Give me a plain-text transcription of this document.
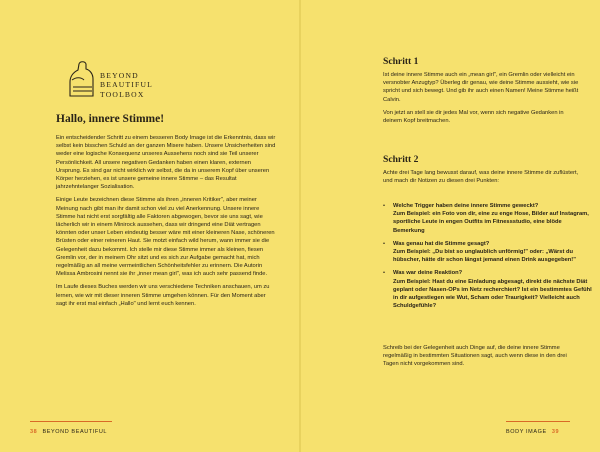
BEYOND
BEAUTIFUL
TOOLBOX
Hallo, innere Stimme!

Ein entscheidender Schritt zu einem besseren Body Image ist die Erkenntnis, dass wir selbst kein bisschen Schuld an der ganzen Misere haben. Unsere Unsicherheiten sind weder eine logische Konsequenz unseres Aussehens noch sind sie Teil unserer Persönlichkeit. All unsere negativen Gedanken haben einen klaren, externen Ursprung. Es sind gar nicht wirklich wir selbst, die da in unserem Kopf über unseren Körper herziehen, es ist unsere gemeine innere Stimme – das Resultat jahrzehntelanger Sozialisation.

Einige Leute bezeichnen diese Stimme als ihren „inneren Kritiker", aber meiner Meinung nach gibt man ihr damit schon viel zu viel Anerkennung. Unsere innere Stimme hat nicht erst sorgfältig alle Faktoren abgewogen, bevor sie uns sagt, wie lächerlich wir in einem Minirock aussehen, dass wir dringend eine Diät vertragen könnten oder unser Leben eindeutig besser wäre mit einer kleineren Nase, schöneren Brüsten oder einer reineren Haut. Sie motzt einfach wild herum, wann immer sie die Gelegenheit dazu bekommt. Ich stelle mir diese Stimme immer als kleinen, fiesen Gremlin vor, der in meinem Ohr sitzt und es sich zur Aufgabe gemacht hat, mich regelmäßig an all meine vermeintlichen Schönheitsfehler zu erinnern. Die Autorin Melissa Ambrosini nennt sie ihr „inner mean girl", was ich auch sehr passend finde.

Im Laufe dieses Buches werden wir uns verschiedene Techniken anschauen, um zu lernen, wie wir mit dieser inneren Stimme umgehen können. Für den Moment aber sagt ihr erst mal einfach „Hallo" und lernt euch kennen.

38 BEYOND BEAUTIFUL
Schritt 1

Ist deine innere Stimme auch ein „mean girl", ein Gremlin oder vielleicht ein versnobter Anzugtyp? Überleg dir genau, wie deine Stimme aussieht, wie sie spricht und sich bewegt. Und gib ihr auch einen Namen! Meine Stimme heißt Calvin.

Von jetzt an stell sie dir jedes Mal vor, wenn sich negative Gedanken in deinem Kopf breitmachen.

Schritt 2

Achte drei Tage lang bewusst darauf, was deine innere Stimme dir zuflüstert, und mach dir Notizen zu diesen drei Punkten:

• Welche Trigger haben deine innere Stimme geweckt?
Zum Beispiel: ein Foto von dir, eine zu enge Hose, Bilder auf Instagram, sportliche Leute in engen Outfits im Fitnessstudio, eine blöde Bemerkung
• Was genau hat die Stimme gesagt?
Zum Beispiel: „Du bist so unglaublich unförmig!" oder: „Wärst du hübscher, hätte dir schon längst jemand einen Drink ausgegeben!"
• Was war deine Reaktion?
Zum Beispiel: Hast du eine Einladung abgesagt, direkt die nächste Diät geplant oder Nasen-OPs im Netz recherchiert? Ist ein bestimmtes Gefühl in dir aufgestiegen wie Wut, Scham oder Traurigkeit? Vielleicht auch Schuldgefühle?

Schreib bei der Gelegenheit auch Dinge auf, die deine innere Stimme regelmäßig in bestimmten Situationen sagt, auch wenn diese in den drei Tagen nicht vorgekommen sind.

BODY IMAGE 39
